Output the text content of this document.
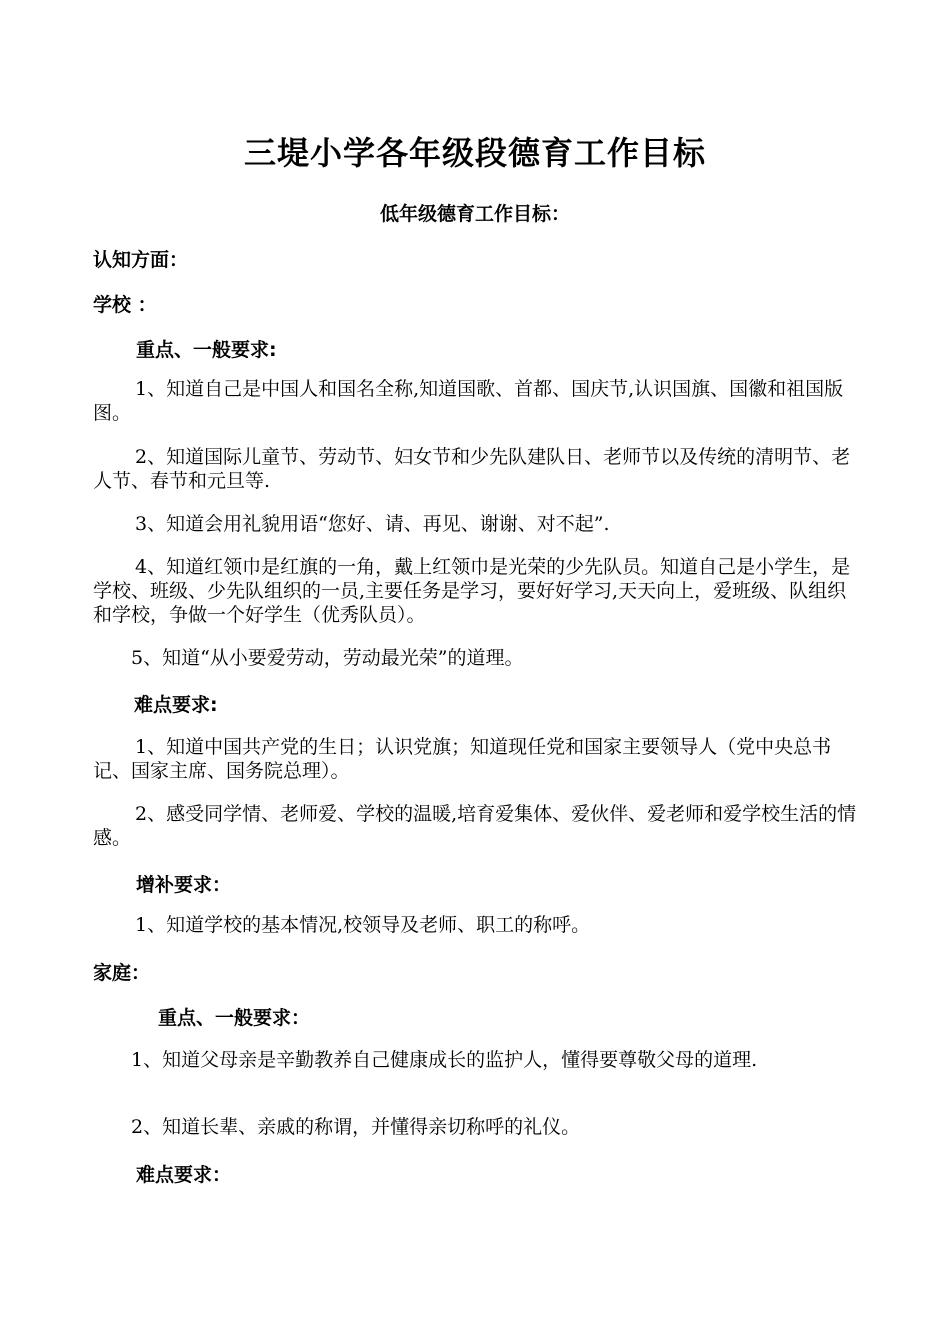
三堤小学各年级段德育工作目标
低年级德育工作目标：
认知方面：
学校 ：
重点、一般要求:
1、知道自己是中国人和国名全称,知道国歌、首都、国庆节,认识国旗、国徽和祖国版图。
2、知道国际儿童节、劳动节、妇女节和少先队建队日、老师节以及传统的清明节、老人节、春节和元旦等.
3、知道会用礼貌用语“您好、请、再见、谢谢、对不起”.
4、知道红领巾是红旗的一角，戴上红领巾是光荣的少先队员。知道自己是小学生，是学校、班级、少先队组织的一员,主要任务是学习，要好好学习,天天向上，爱班级、队组织和学校，争做一个好学生（优秀队员）。
5、知道“从小要爱劳动，劳动最光荣”的道理。
难点要求:
1、知道中国共产党的生日；认识党旗；知道现任党和国家主要领导人（党中央总书记、国家主席、国务院总理）。
2、感受同学情、老师爱、学校的温暖,培育爱集体、爱伙伴、爱老师和爱学校生活的情感。
增补要求：
1、知道学校的基本情况,校领导及老师、职工的称呼。
家庭：
重点、一般要求：
1、知道父母亲是辛勤教养自己健康成长的监护人，懂得要尊敬父母的道理.
2、知道长辈、亲戚的称谓，并懂得亲切称呼的礼仪。
难点要求：
